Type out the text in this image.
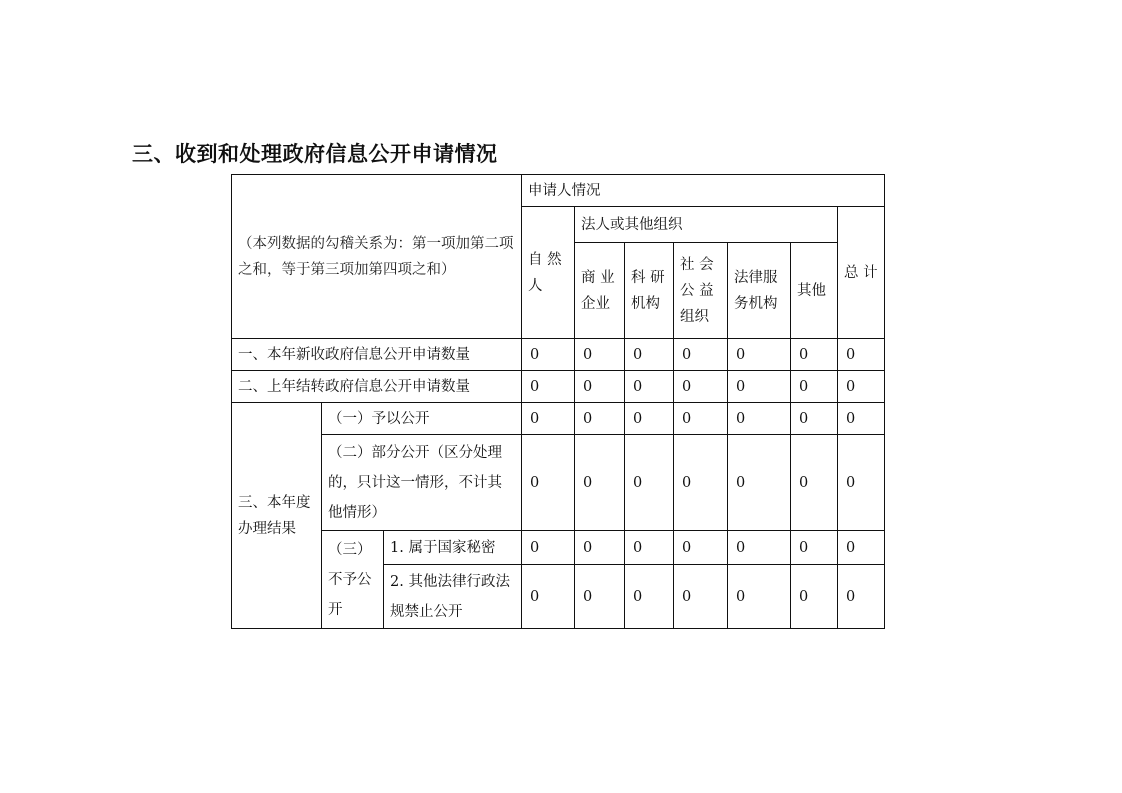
三、收到和处理政府信息公开申请情况
（本列数据的勾稽关系为：第一项加第二项之和，等于第三项加第四项之和）			申请人情况						
			自 然人	法人或其他组织					总 计
				商 业企业	科 研机构	社 会公 益组织	法律服务机构	其他	
一、本年新收政府信息公开申请数量			0	0	0	0	0	0	0
二、上年结转政府信息公开申请数量			0	0	0	0	0	0	0
三、本年度办理结果	（一）予以公开		0	0	0	0	0	0	0
	（二）部分公开（区分处理的，只计这一情形，不计其他情形）		0	0	0	0	0	0	0
	（三）不予公开	1. 属于国家秘密	0	0	0	0	0	0	0
		2. 其他法律行政法规禁止公开	0	0	0	0	0	0	0
